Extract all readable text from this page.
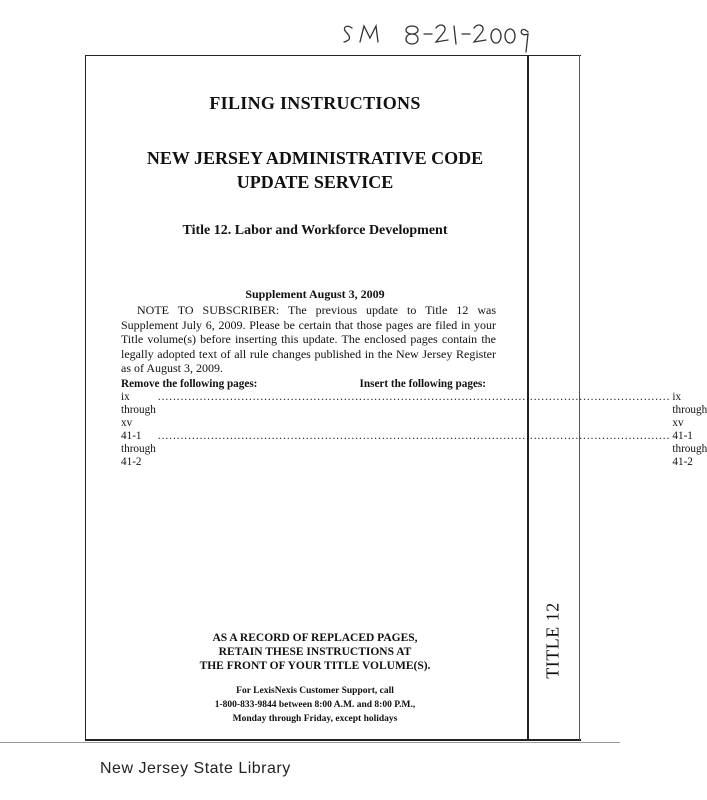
TITLE 12
FILING INSTRUCTIONS
NEW JERSEY ADMINISTRATIVE CODE
UPDATE SERVICE
Title 12. Labor and Workforce Development
Supplement August 3, 2009
NOTE TO SUBSCRIBER: The previous update to Title 12 was Supplement July 6, 2009. Please be certain that those pages are filed in your Title volume(s) before inserting this update. The enclosed pages contain the legally adopted text of all rule changes published in the New Jersey Register as of August 3, 2009.
Remove the following pages:	Insert the following pages:
ix through xv
....................................................................................................................................... ix through xv
41-1 through 41-2
....................................................................................................................................... 41-1 through 41-2
AS A RECORD OF REPLACED PAGES,
RETAIN THESE INSTRUCTIONS AT
THE FRONT OF YOUR TITLE VOLUME(S).
For LexisNexis Customer Support, call
1-800-833-9844 between 8:00 A.M. and 8:00 P.M.,
Monday through Friday, except holidays
New Jersey State Library
